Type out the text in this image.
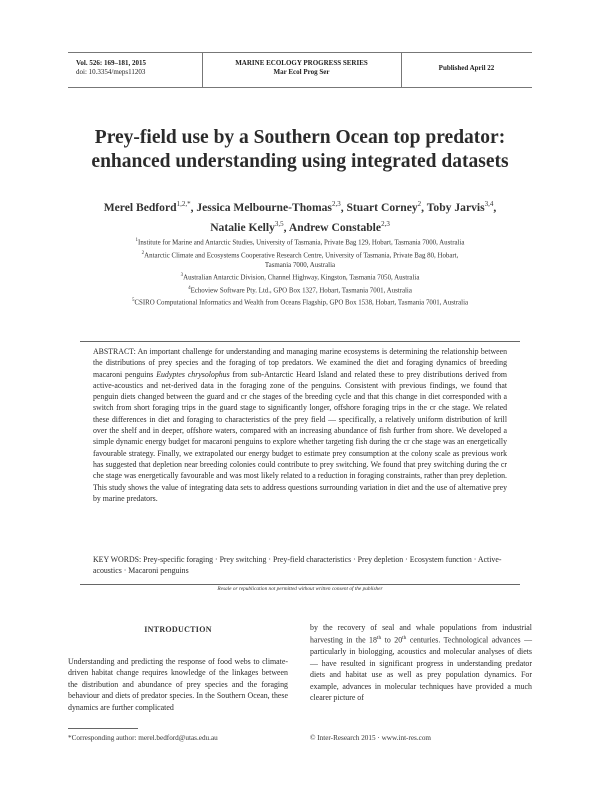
Vol. 526: 169–181, 2015
doi: 10.3354/meps11203
MARINE ECOLOGY PROGRESS SERIES
Mar Ecol Prog Ser	Published April 22
Prey-field use by a Southern Ocean top predator:
enhanced understanding using integrated datasets
Merel Bedford$^{1,2,*}$, Jessica Melbourne-Thomas$^{2,3}$, Stuart Corney$^2$, Toby Jarvis$^{3,4}$,
Natalie Kelly$^{3,5}$, Andrew Constable$^{2,3}$
$^1$Institute for Marine and Antarctic Studies, University of Tasmania, Private Bag 129, Hobart, Tasmania 7000, Australia
$^2$Antarctic Climate and Ecosystems Cooperative Research Centre, University of Tasmania, Private Bag 80, Hobart,
Tasmania 7000, Australia
$^3$Australian Antarctic Division, Channel Highway, Kingston, Tasmania 7050, Australia
$^4$Echoview Software Pty. Ltd., GPO Box 1327, Hobart, Tasmania 7001, Australia
$^5$CSIRO Computational Informatics and Wealth from Oceans Flagship, GPO Box 1538, Hobart, Tasmania 7001, Australia
ABSTRACT: An important challenge for understanding and managing marine ecosystems is determining the relationship between the distributions of prey species and the foraging of top predators. We examined the diet and foraging dynamics of breeding macaroni penguins Eudyptes chrysolophus from sub-Antarctic Heard Island and related these to prey distributions derived from active-acoustics and net-derived data in the foraging zone of the penguins. Consistent with previous findings, we found that penguin diets changed between the guard and cr che stages of the breeding cycle and that this change in diet corresponded with a switch from short foraging trips in the guard stage to significantly longer, offshore foraging trips in the cr che stage. We related these differences in diet and foraging to characteristics of the prey field — specifically, a relatively uniform distribution of krill over the shelf and in deeper, offshore waters, compared with an increasing abundance of fish further from shore. We developed a simple dynamic energy budget for macaroni penguins to explore whether targeting fish during the cr che stage was an energetically favourable strategy. Finally, we extrapolated our energy budget to estimate prey consumption at the colony scale as previous work has suggested that depletion near breeding colonies could contribute to prey switching. We found that prey switching during the cr che stage was energetically favourable and was most likely related to a reduction in foraging constraints, rather than prey depletion. This study shows the value of integrating data sets to address questions surrounding variation in diet and the use of alternative prey by marine predators.
KEY WORDS: Prey-specific foraging · Prey switching · Prey-field characteristics · Prey depletion · Ecosystem function · Active-acoustics · Macaroni penguins
Resale or republication not permitted without written consent of the publisher
INTRODUCTION
Understanding and predicting the response of food webs to climate-driven habitat change requires knowledge of the linkages between the distribution and abundance of prey species and the foraging behaviour and diets of predator species. In the Southern Ocean, these dynamics are further complicated
by the recovery of seal and whale populations from industrial harvesting in the 18th to 20th centuries. Technological advances — particularly in biologging, acoustics and molecular analyses of diets — have resulted in significant progress in understanding predator diets and habitat use as well as prey population dynamics. For example, advances in molecular techniques have provided a much clearer picture of
*Corresponding author: merel.bedford@utas.edu.au	© Inter-Research 2015 · www.int-res.com
